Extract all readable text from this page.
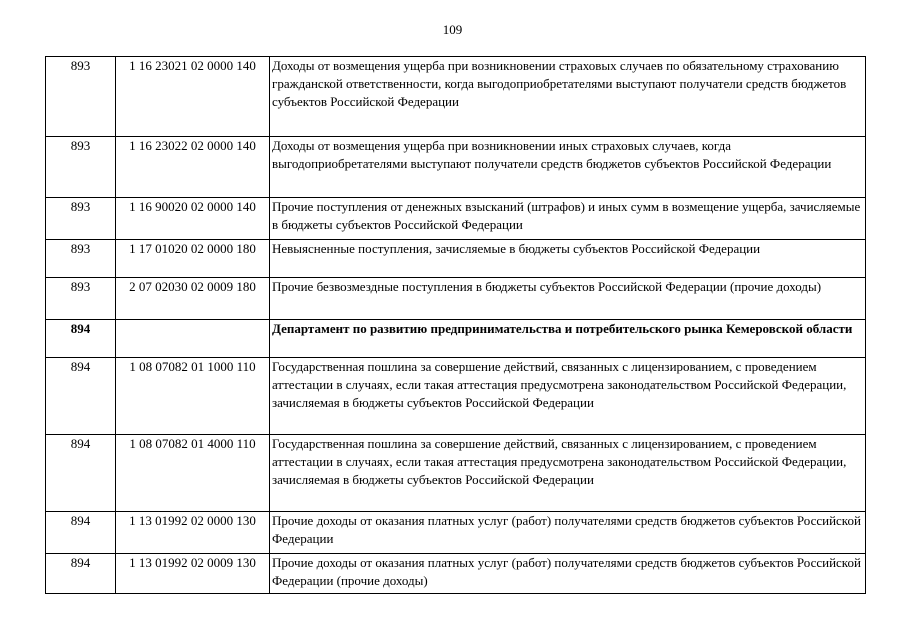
109
893	1 16 23021 02 0000 140	Доходы от возмещения ущерба при возникновении страховых случаев по обязательному страхованию гражданской ответственности, когда выгодоприобретателями выступают получатели средств бюджетов субъектов Российской Федерации
893	1 16 23022 02 0000 140	Доходы от возмещения ущерба при возникновении иных страховых случаев, когда выгодоприобретателями выступают получатели средств бюджетов субъектов Российской Федерации
893	1 16 90020 02 0000 140	Прочие поступления от денежных взысканий (штрафов) и иных сумм в возмещение ущерба, зачисляемые в бюджеты субъектов Российской Федерации
893	1 17 01020 02 0000 180	Невыясненные поступления, зачисляемые в бюджеты субъектов Российской Федерации
893	2 07 02030 02 0009 180	Прочие безвозмездные поступления в бюджеты субъектов Российской Федерации (прочие доходы)
894		Департамент по развитию предпринимательства и потребительского рынка Кемеровской области
894	1 08 07082 01 1000 110	Государственная пошлина за совершение действий, связанных с лицензированием, с проведением аттестации в случаях, если такая аттестация предусмотрена законодательством Российской Федерации, зачисляемая в бюджеты субъектов Российской Федерации
894	1 08 07082 01 4000 110	Государственная пошлина за совершение действий, связанных с лицензированием, с проведением аттестации в случаях, если такая аттестация предусмотрена законодательством Российской Федерации, зачисляемая в бюджеты субъектов Российской Федерации
894	1 13 01992 02 0000 130	Прочие доходы от оказания платных услуг (работ) получателями средств бюджетов субъектов Российской Федерации
894	1 13 01992 02 0009 130	Прочие доходы от оказания платных услуг (работ) получателями средств бюджетов субъектов Российской Федерации (прочие доходы)
